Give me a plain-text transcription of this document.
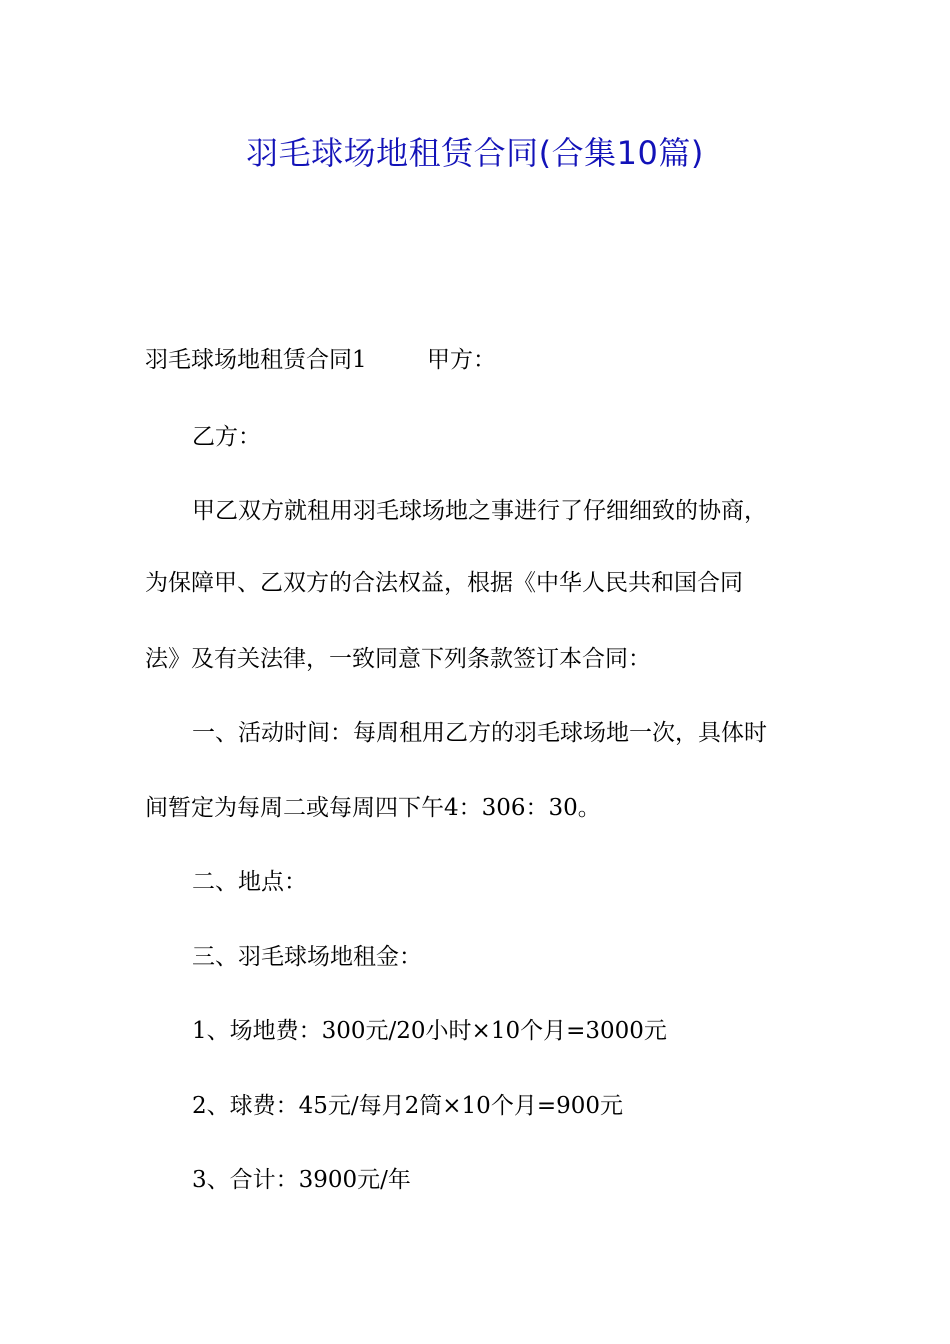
羽毛球场地租赁合同(合集10篇)
羽毛球场地租赁合同1	甲方：

乙方：

甲乙双方就租用羽毛球场地之事进行了仔细细致的协商，

为保障甲、乙双方的合法权益，根据《中华人民共和国合同

法》及有关法律，一致同意下列条款签订本合同：

一、活动时间：每周租用乙方的羽毛球场地一次，具体时

间暂定为每周二或每周四下午4：306：30。

二、地点：

三、羽毛球场地租金：

1、场地费：300元/20小时×10个月=3000元

2、球费：45元/每月2筒×10个月=900元

3、合计：3900元/年
